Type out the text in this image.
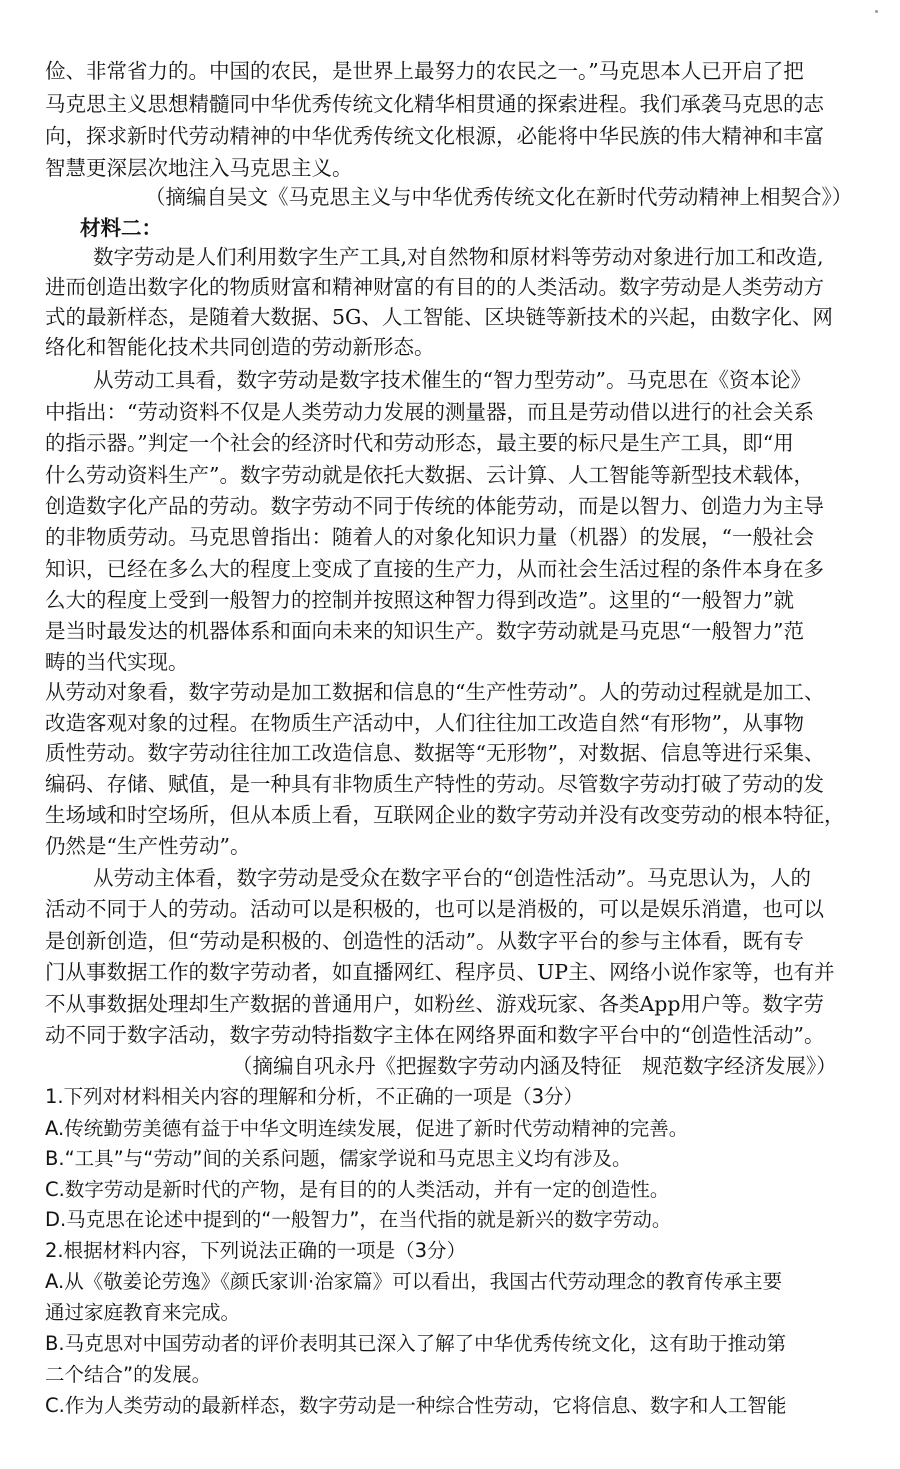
俭、非常省力的。中国的农民，是世界上最努力的农民之一。”马克思本人已开启了把
马克思主义思想精髓同中华优秀传统文化精华相贯通的探索进程。我们承袭马克思的志
向，探求新时代劳动精神的中华优秀传统文化根源，必能将中华民族的伟大精神和丰富
智慧更深层次地注入马克思主义。
（摘编自吴文《马克思主义与中华优秀传统文化在新时代劳动精神上相契合》）
材料二：
数字劳动是人们利用数字生产工具,对自然物和原材料等劳动对象进行加工和改造,
进而创造出数字化的物质财富和精神财富的有目的的人类活动。数字劳动是人类劳动方
式的最新样态，是随着大数据、5G、人工智能、区块链等新技术的兴起，由数字化、网
络化和智能化技术共同创造的劳动新形态。
从劳动工具看，数字劳动是数字技术催生的“智力型劳动”。马克思在《资本论》
中指出：“劳动资料不仅是人类劳动力发展的测量器，而且是劳动借以进行的社会关系
的指示器。”判定一个社会的经济时代和劳动形态，最主要的标尺是生产工具，即“用
什么劳动资料生产”。数字劳动就是依托大数据、云计算、人工智能等新型技术载体，
创造数字化产品的劳动。数字劳动不同于传统的体能劳动，而是以智力、创造力为主导
的非物质劳动。马克思曾指出：随着人的对象化知识力量（机器）的发展，“一般社会
知识，已经在多么大的程度上变成了直接的生产力，从而社会生活过程的条件本身在多
么大的程度上受到一般智力的控制并按照这种智力得到改造”。这里的“一般智力”就
是当时最发达的机器体系和面向未来的知识生产。数字劳动就是马克思“一般智力”范
畴的当代实现。
从劳动对象看，数字劳动是加工数据和信息的“生产性劳动”。人的劳动过程就是加工、
改造客观对象的过程。在物质生产活动中，人们往往加工改造自然“有形物”，从事物
质性劳动。数字劳动往往加工改造信息、数据等“无形物”，对数据、信息等进行采集、
编码、存储、赋值，是一种具有非物质生产特性的劳动。尽管数字劳动打破了劳动的发
生场域和时空场所，但从本质上看，互联网企业的数字劳动并没有改变劳动的根本特征，
仍然是“生产性劳动”。
从劳动主体看，数字劳动是受众在数字平台的“创造性活动”。马克思认为，人的
活动不同于人的劳动。活动可以是积极的，也可以是消极的，可以是娱乐消遣，也可以
是创新创造，但“劳动是积极的、创造性的活动”。从数字平台的参与主体看，既有专
门从事数据工作的数字劳动者，如直播网红、程序员、UP主、网络小说作家等，也有并
不从事数据处理却生产数据的普通用户，如粉丝、游戏玩家、各类App用户等。数字劳
动不同于数字活动，数字劳动特指数字主体在网络界面和数字平台中的“创造性活动”。
（摘编自巩永丹《把握数字劳动内涵及特征　规范数字经济发展》）
1.下列对材料相关内容的理解和分析，不正确的一项是（3分）
A.传统勤劳美德有益于中华文明连续发展，促进了新时代劳动精神的完善。
B.“工具”与“劳动”间的关系问题，儒家学说和马克思主义均有涉及。
C.数字劳动是新时代的产物，是有目的的人类活动，并有一定的创造性。
D.马克思在论述中提到的“一般智力”，在当代指的就是新兴的数字劳动。
2.根据材料内容，下列说法正确的一项是（3分）
A.从《敬姜论劳逸》《颜氏家训·治家篇》可以看出，我国古代劳动理念的教育传承主要
通过家庭教育来完成。
B.马克思对中国劳动者的评价表明其已深入了解了中华优秀传统文化，这有助于推动第
二个结合”的发展。
C.作为人类劳动的最新样态，数字劳动是一种综合性劳动，它将信息、数字和人工智能
